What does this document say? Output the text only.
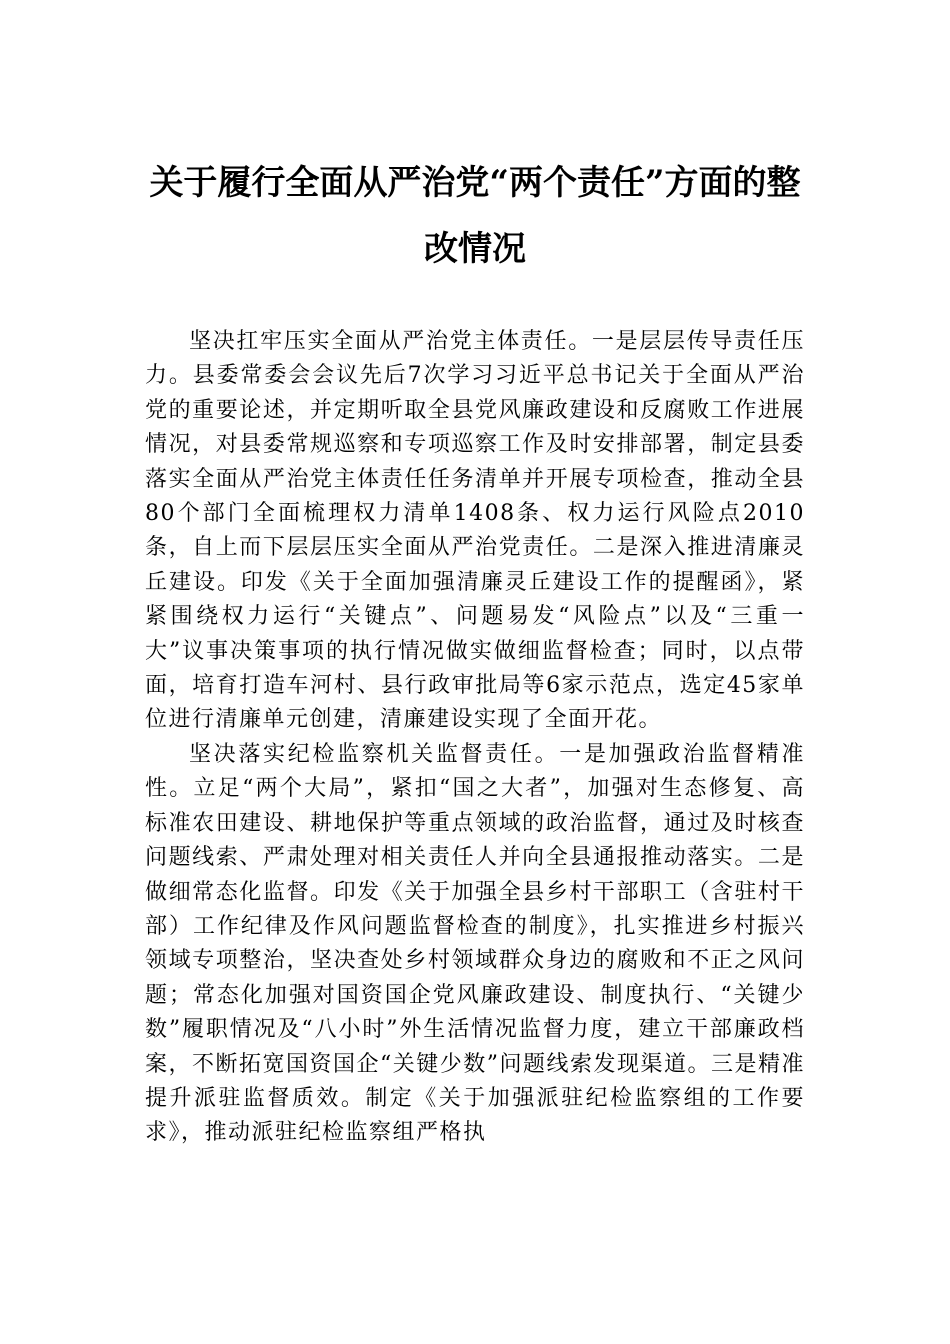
关于履行全面从严治党“两个责任”方面的整改情况

坚决扛牢压实全面从严治党主体责任。一是层层传导责任压力。县委常委会会议先后7次学习习近平总书记关于全面从严治党的重要论述，并定期听取全县党风廉政建设和反腐败工作进展情况，对县委常规巡察和专项巡察工作及时安排部署，制定县委落实全面从严治党主体责任任务清单并开展专项检查，推动全县80个部门全面梳理权力清单1408条、权力运行风险点2010条，自上而下层层压实全面从严治党责任。二是深入推进清廉灵丘建设。印发《关于全面加强清廉灵丘建设工作的提醒函》，紧紧围绕权力运行“关键点”、问题易发“风险点”以及“三重一大”议事决策事项的执行情况做实做细监督检查；同时，以点带面，培育打造车河村、县行政审批局等6家示范点，选定45家单位进行清廉单元创建，清廉建设实现了全面开花。

坚决落实纪检监察机关监督责任。一是加强政治监督精准性。立足“两个大局”，紧扣“国之大者”，加强对生态修复、高标准农田建设、耕地保护等重点领域的政治监督，通过及时核查问题线索、严肃处理对相关责任人并向全县通报推动落实。二是做细常态化监督。印发《关于加强全县乡村干部职工（含驻村干部）工作纪律及作风问题监督检查的制度》，扎实推进乡村振兴领域专项整治，坚决查处乡村领域群众身边的腐败和不正之风问题；常态化加强对国资国企党风廉政建设、制度执行、“关键少数”履职情况及“八小时”外生活情况监督力度，建立干部廉政档案，不断拓宽国资国企“关键少数”问题线索发现渠道。三是精准提升派驻监督质效。制定《关于加强派驻纪检监察组的工作要求》，推动派驻纪检监察组严格执
